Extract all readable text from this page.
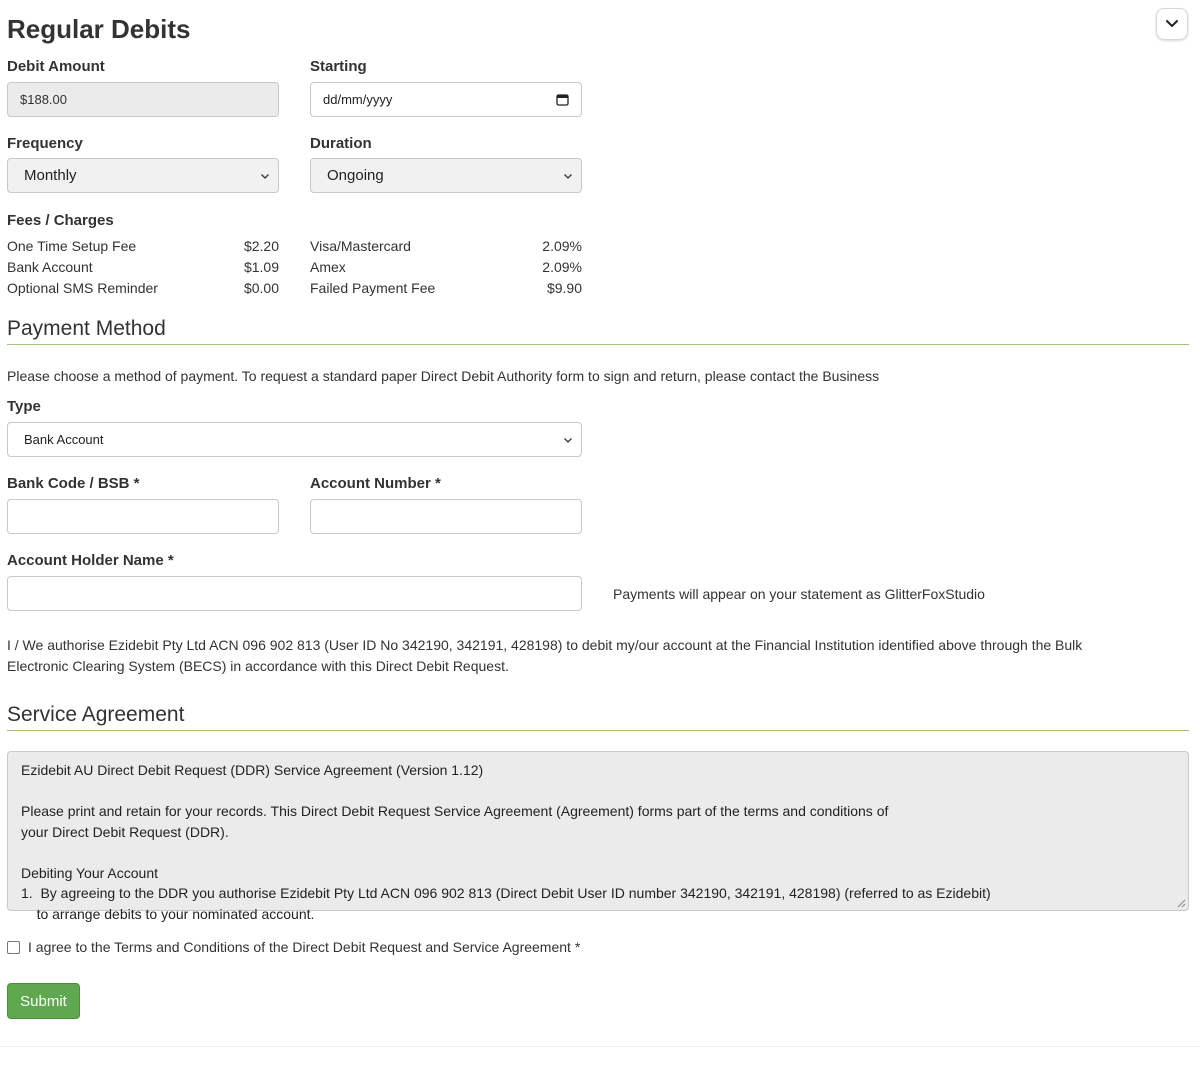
Regular Debits
Debit Amount
$188.00
Starting
dd/mm/yyyy
Frequency
Monthly
Duration
Ongoing
Fees / Charges
One Time Setup Fee	$2.20
Bank Account	$1.09
Optional SMS Reminder	$0.00
Visa/Mastercard	2.09%
Amex	2.09%
Failed Payment Fee	$9.90
Payment Method
Please choose a method of payment. To request a standard paper Direct Debit Authority form to sign and return, please contact the Business
Type
Bank Account
Bank Code / BSB *	Account Number *
Account Holder Name *
Payments will appear on your statement as GlitterFoxStudio
I / We authorise Ezidebit Pty Ltd ACN 096 902 813 (User ID No 342190, 342191, 428198) to debit my/our account at the Financial Institution identified above through the Bulk
Electronic Clearing System (BECS) in accordance with this Direct Debit Request.
Service Agreement

Ezidebit AU Direct Debit Request (DDR) Service Agreement (Version 1.12)

Please print and retain for your records. This Direct Debit Request Service Agreement (Agreement) forms part of the terms and conditions of

your Direct Debit Request (DDR).

Debiting Your Account

1.  By agreeing to the DDR you authorise Ezidebit Pty Ltd ACN 096 902 813 (Direct Debit User ID number 342190, 342191, 428198) (referred to as Ezidebit)

to arrange debits to your nominated account.

I agree to the Terms and Conditions of the Direct Debit Request and Service Agreement *
Submit
